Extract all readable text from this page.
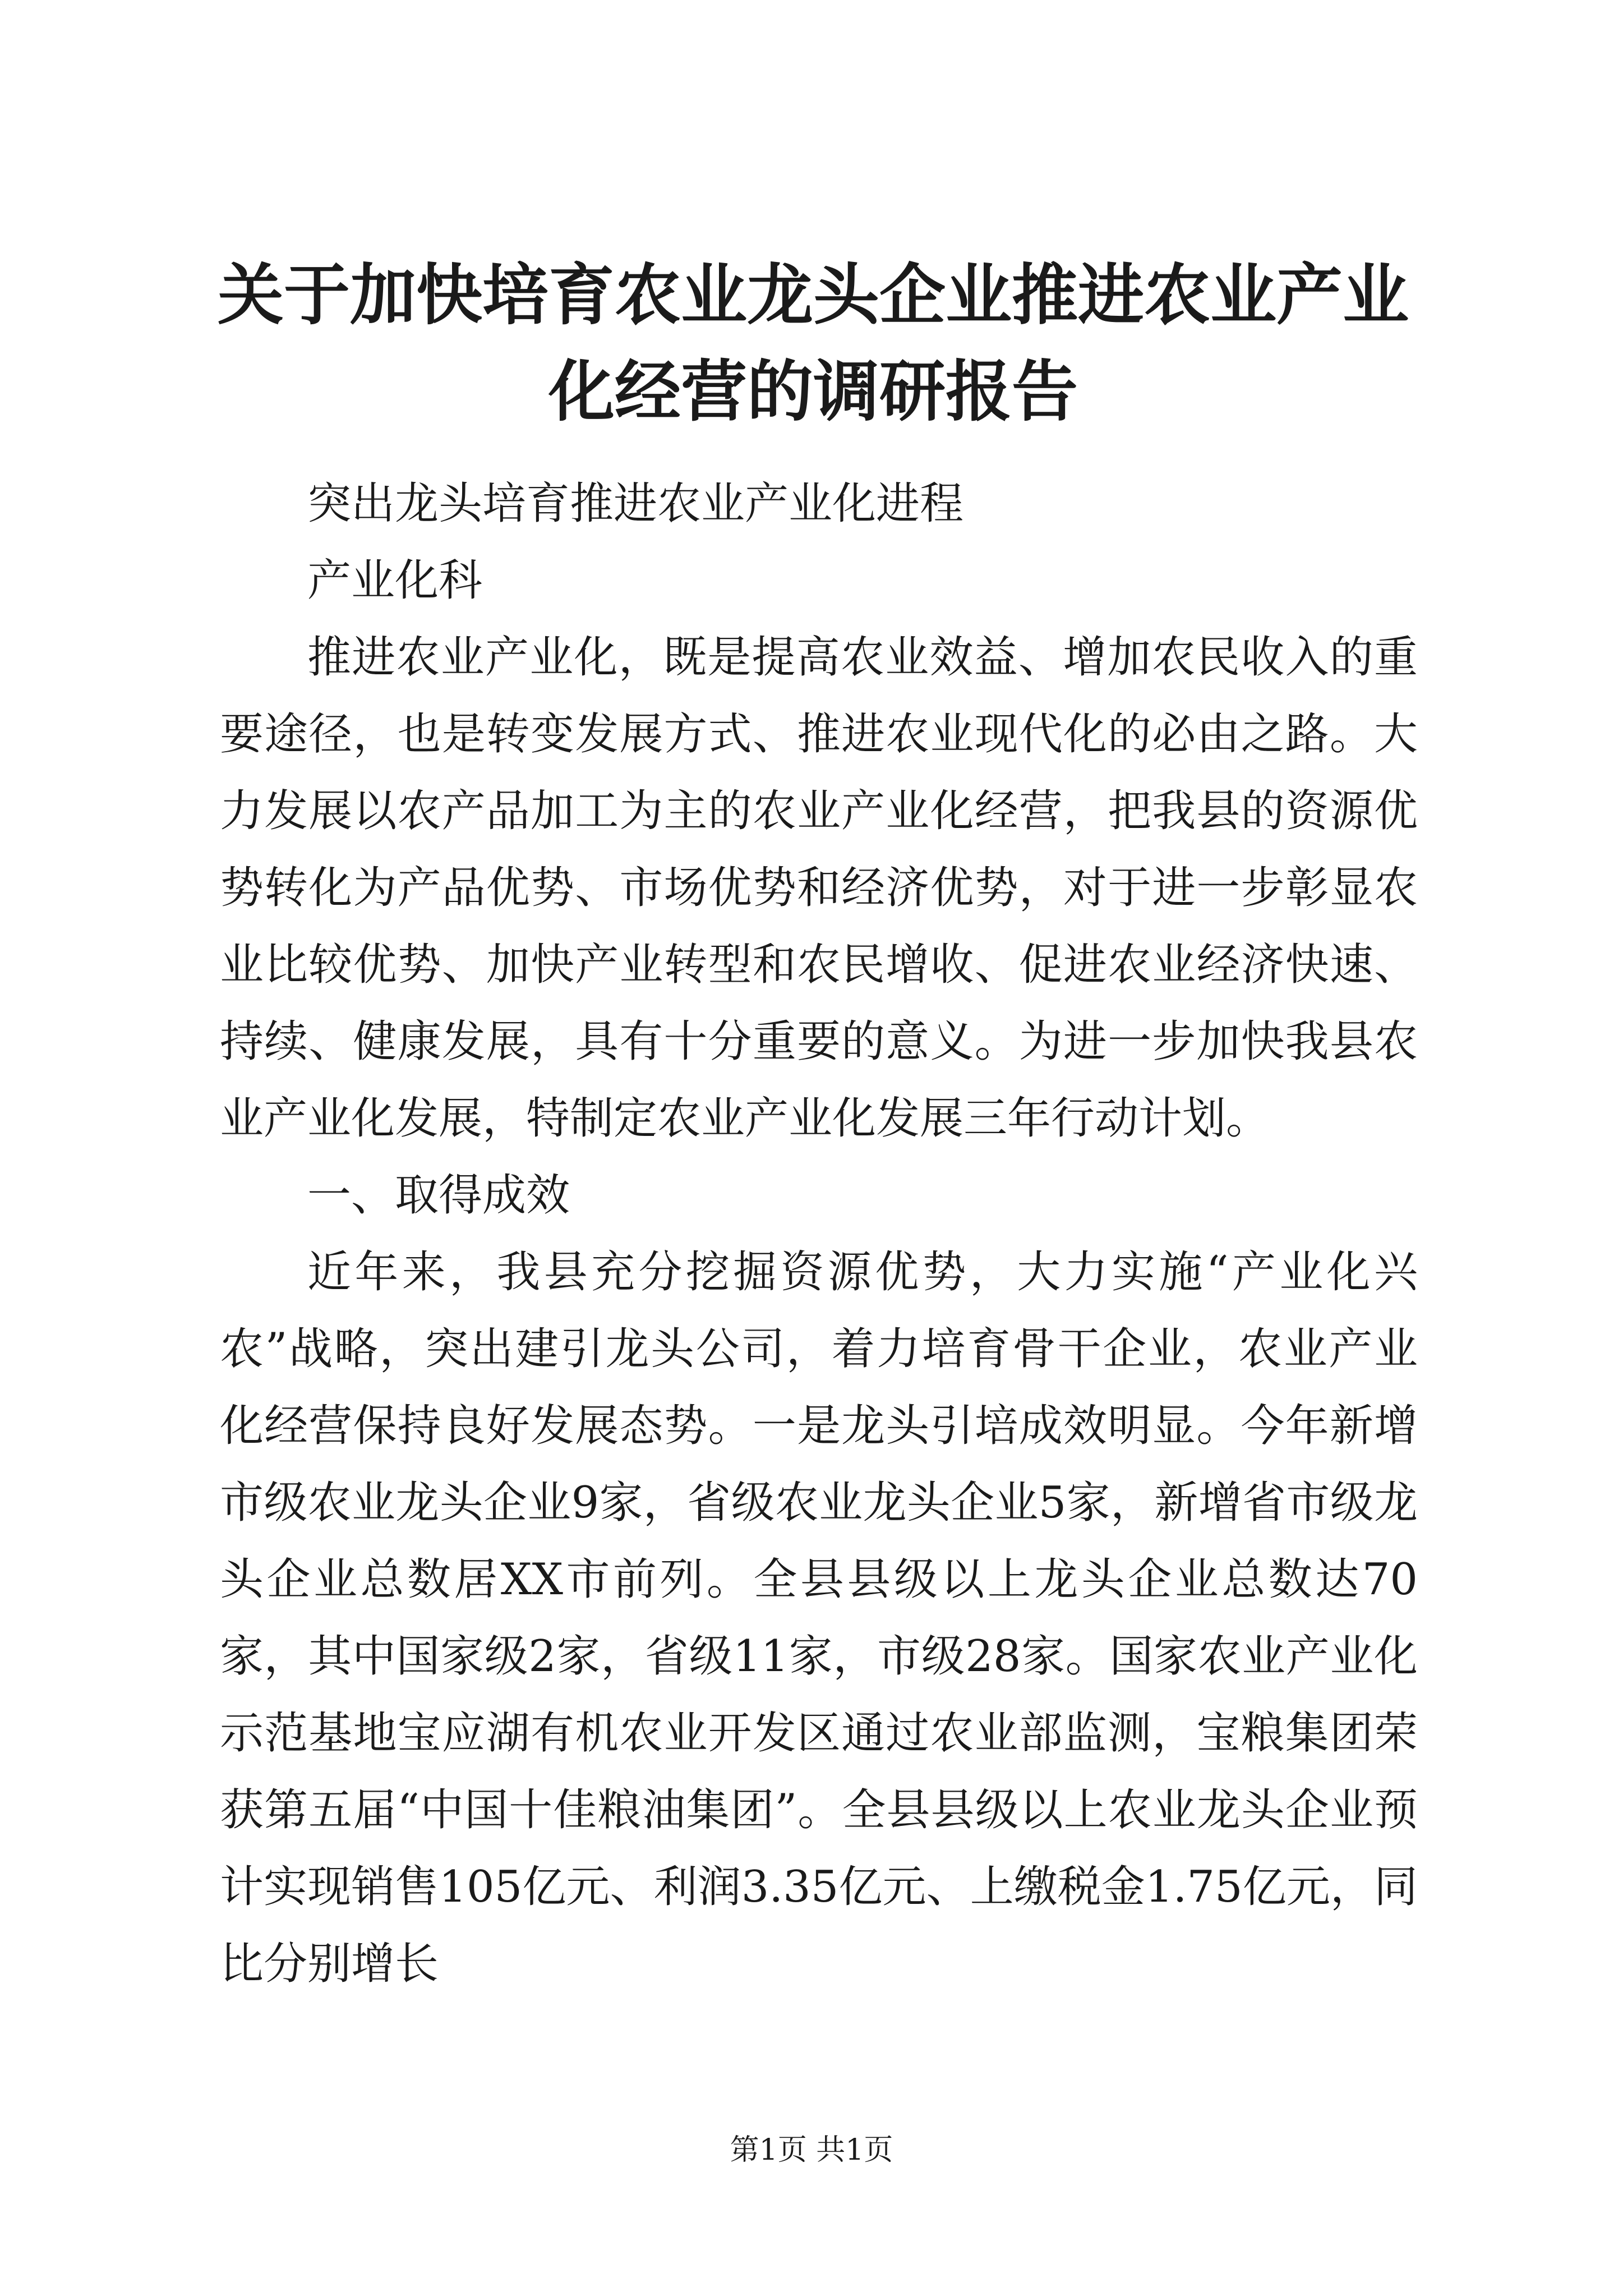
关于加快培育农业龙头企业推进农业产业化经营的调研报告

突出龙头培育推进农业产业化进程

产业化科

推进农业产业化，既是提高农业效益、增加农民收入的重要途径，也是转变发展方式、推进农业现代化的必由之路。大力发展以农产品加工为主的农业产业化经营，把我县的资源优势转化为产品优势、市场优势和经济优势，对于进一步彰显农业比较优势、加快产业转型和农民增收、促进农业经济快速、持续、健康发展，具有十分重要的意义。为进一步加快我县农业产业化发展，特制定农业产业化发展三年行动计划。

一、取得成效

近年来，我县充分挖掘资源优势，大力实施“产业化兴农”战略，突出建引龙头公司，着力培育骨干企业，农业产业化经营保持良好发展态势。一是龙头引培成效明显。今年新增市级农业龙头企业9家，省级农业龙头企业5家，新增省市级龙头企业总数居XX市前列。全县县级以上龙头企业总数达70家，其中国家级2家，省级11家，市级28家。国家农业产业化示范基地宝应湖有机农业开发区通过农业部监测，宝粮集团荣获第五届“中国十佳粮油集团”。全县县级以上农业龙头企业预计实现销售105亿元、利润3.35亿元、上缴税金1.75亿元，同比分别增长

第1页 共1页
